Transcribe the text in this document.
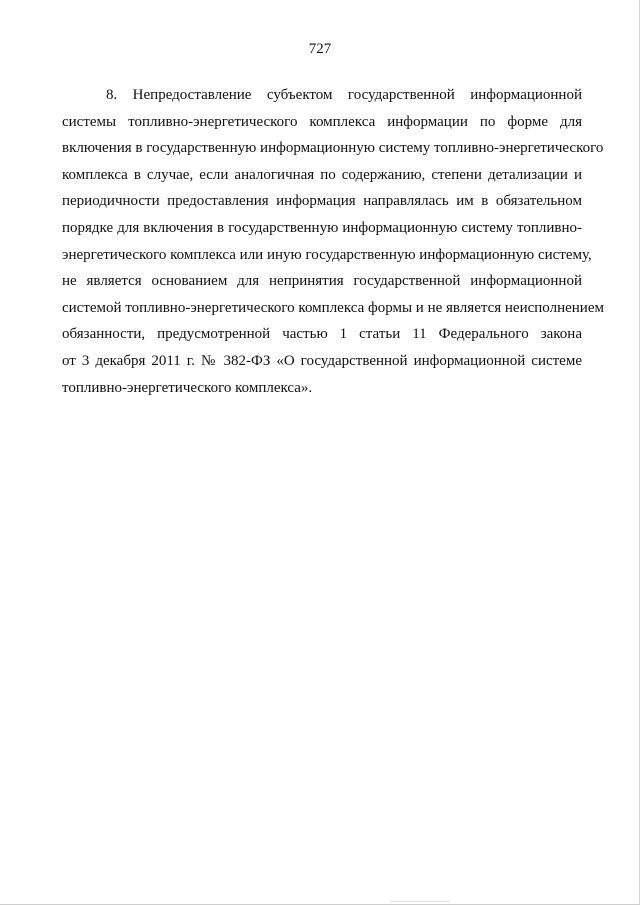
727

8. Непредоставление субъектом государственной информационной
системы топливно-энергетического комплекса информации по форме для
включения в государственную информационную систему топливно-энергетического
комплекса в случае, если аналогичная по содержанию, степени детализации и
периодичности предоставления информация направлялась им в обязательном
порядке для включения в государственную информационную систему топливно-
энергетического комплекса или иную государственную информационную систему,
не является основанием для непринятия государственной информационной
системой топливно-энергетического комплекса формы и не является неисполнением
обязанности, предусмотренной частью 1 статьи 11 Федерального закона
от 3 декабря 2011 г. № 382-ФЗ «О государственной информационной системе
топливно-энергетического комплекса».
